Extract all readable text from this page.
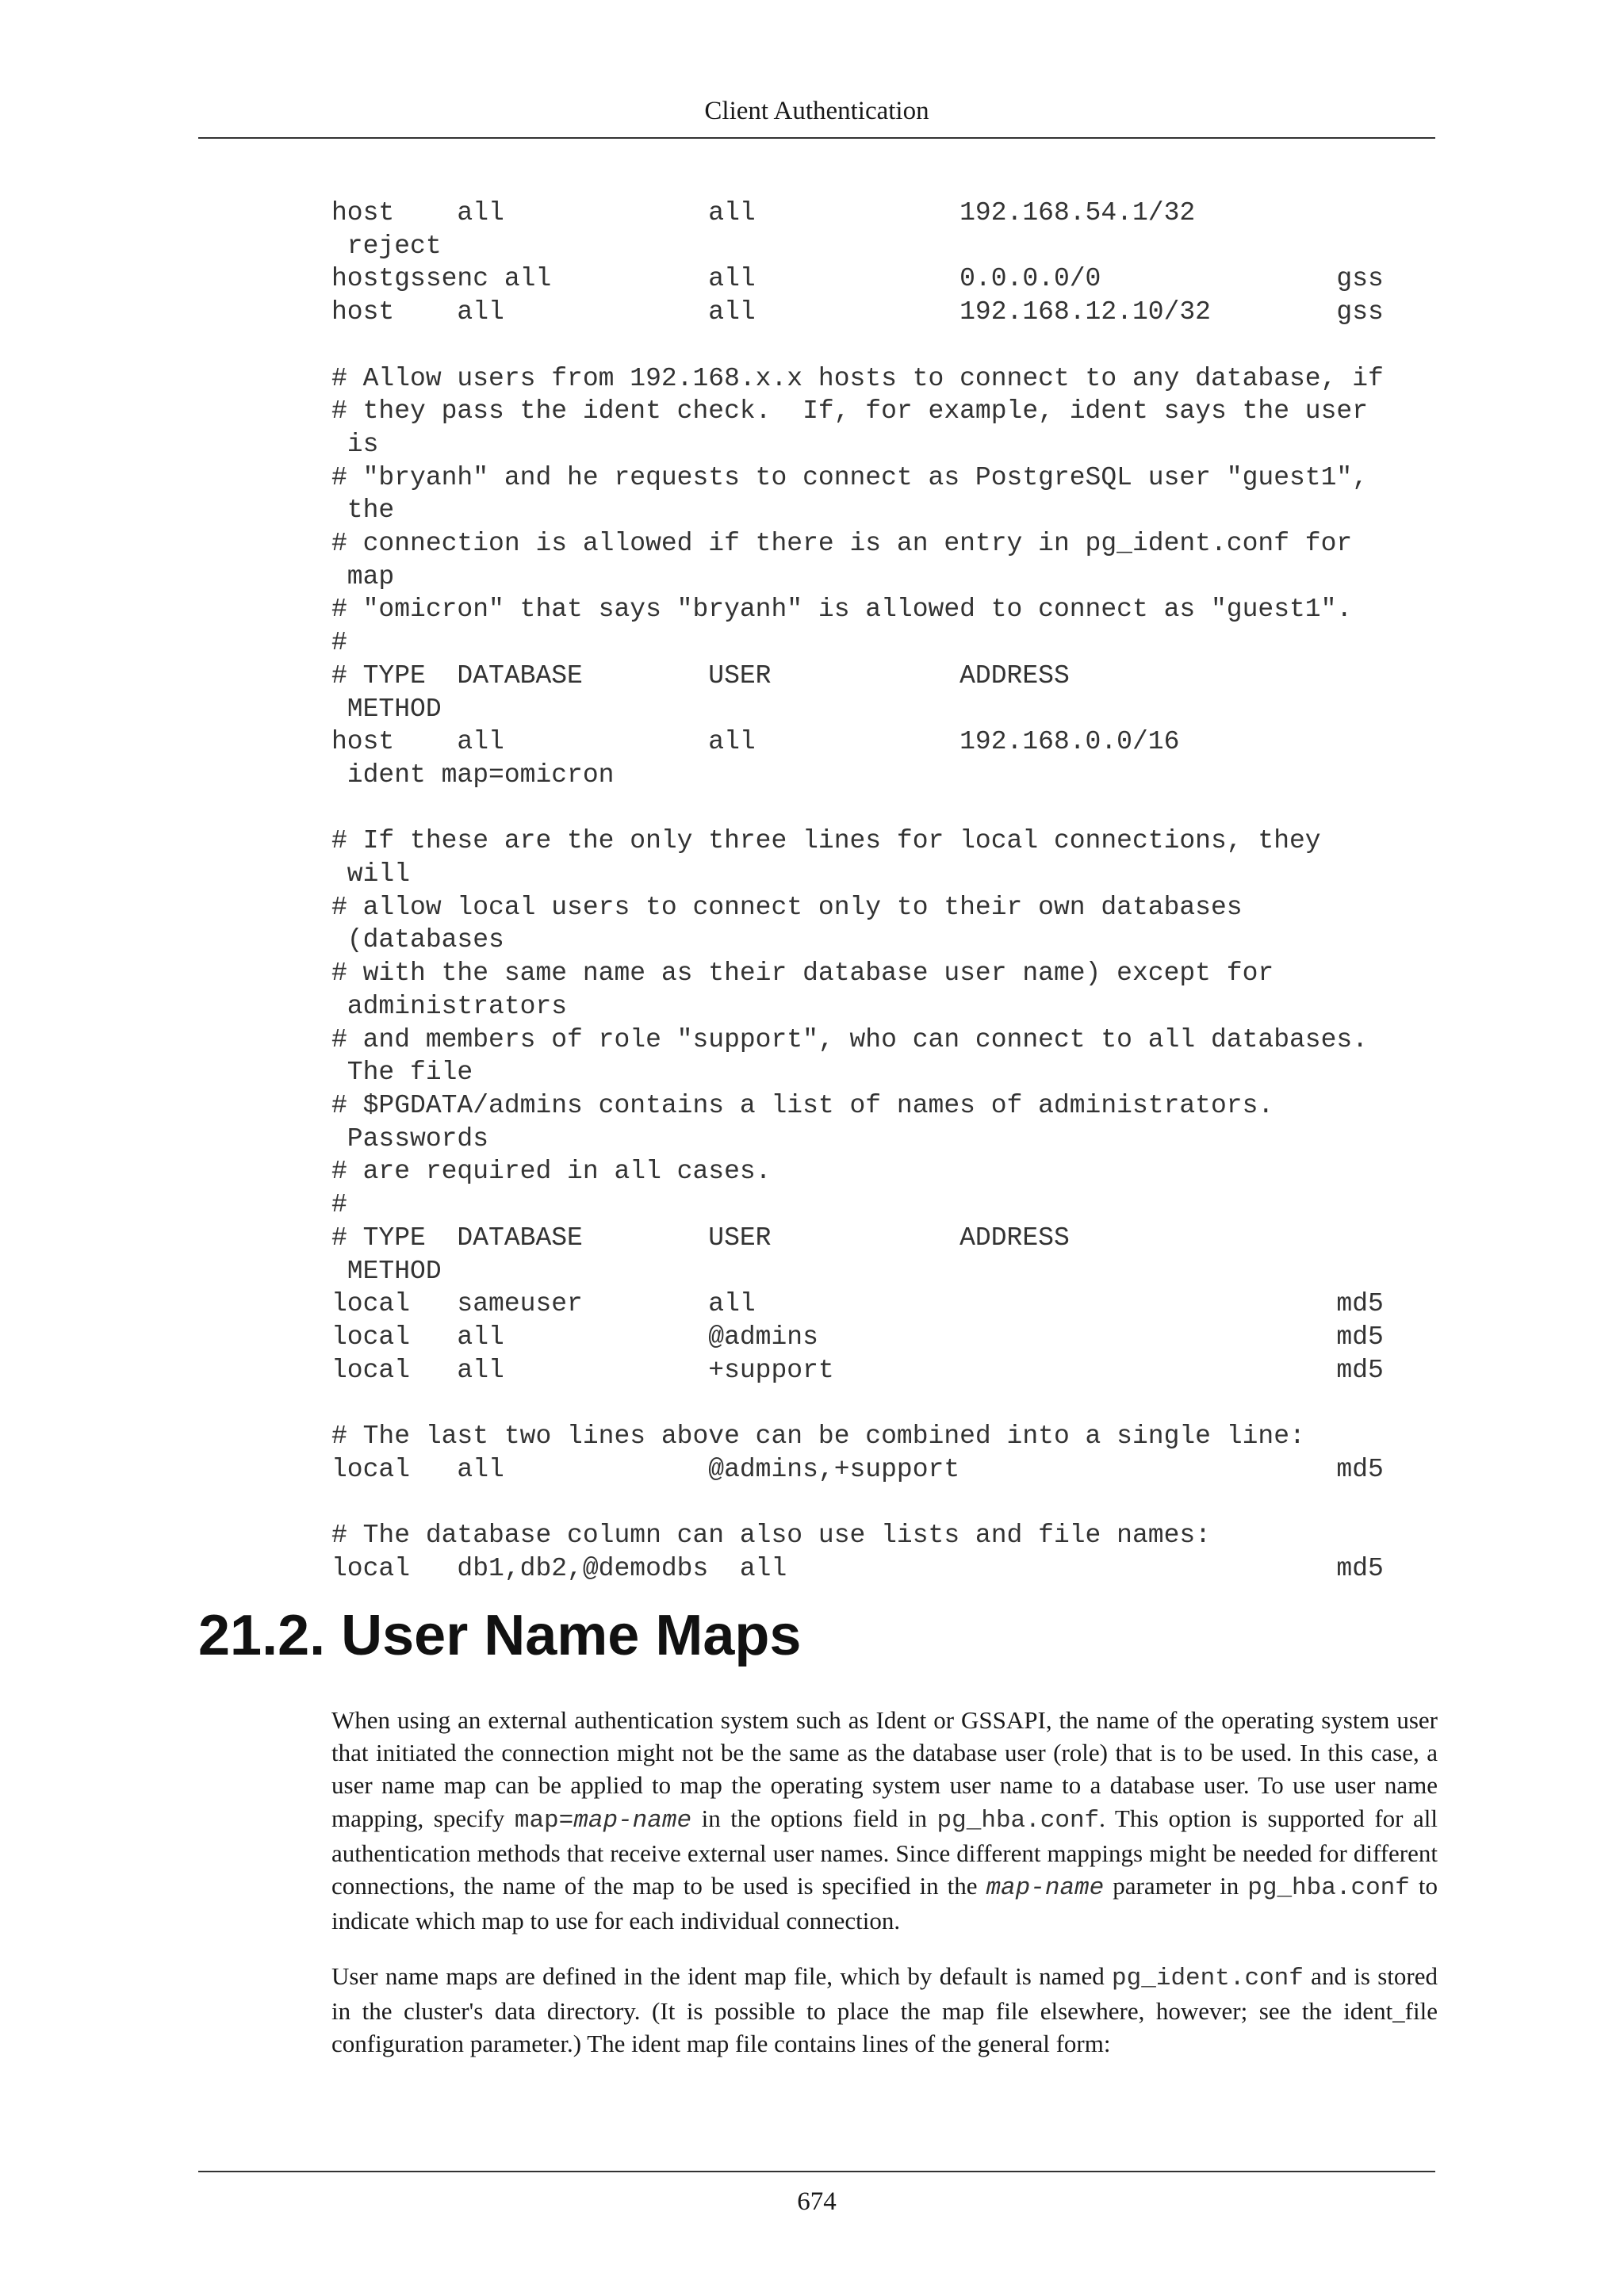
Client Authentication
host    all             all             192.168.54.1/32
reject
hostgssenc all          all             0.0.0.0/0               gss
host    all             all             192.168.12.10/32        gss

# Allow users from 192.168.x.x hosts to connect to any database, if
# they pass the ident check.  If, for example, ident says the user
is
# "bryanh" and he requests to connect as PostgreSQL user "guest1",
the
# connection is allowed if there is an entry in pg_ident.conf for
map
# "omicron" that says "bryanh" is allowed to connect as "guest1".
#
# TYPE  DATABASE        USER            ADDRESS
METHOD
host    all             all             192.168.0.0/16
ident map=omicron

# If these are the only three lines for local connections, they
will
# allow local users to connect only to their own databases
(databases
# with the same name as their database user name) except for
administrators
# and members of role "support", who can connect to all databases.
The file
# $PGDATA/admins contains a list of names of administrators.
Passwords
# are required in all cases.
#
# TYPE  DATABASE        USER            ADDRESS
METHOD
local   sameuser        all                                     md5
local   all             @admins                                 md5
local   all             +support                                md5

# The last two lines above can be combined into a single line:
local   all             @admins,+support                        md5

# The database column can also use lists and file names:
local   db1,db2,@demodbs  all                                   md5
21.2. User Name Maps

When using an external authentication system such as Ident or GSSAPI, the name of the operating system user that initiated the connection might not be the same as the database user (role) that is to be used. In this case, a user name map can be applied to map the operating system user name to a database user. To use user name mapping, specify map=map-name in the options field in pg_hba.conf. This option is supported for all authentication methods that receive external user names. Since different mappings might be needed for different connections, the name of the map to be used is specified in the map-name parameter in pg_hba.conf to indicate which map to use for each individual connection.

User name maps are defined in the ident map file, which by default is named pg_ident.conf and is stored in the cluster's data directory. (It is possible to place the map file elsewhere, however; see the ident_file configuration parameter.) The ident map file contains lines of the general form:

674
